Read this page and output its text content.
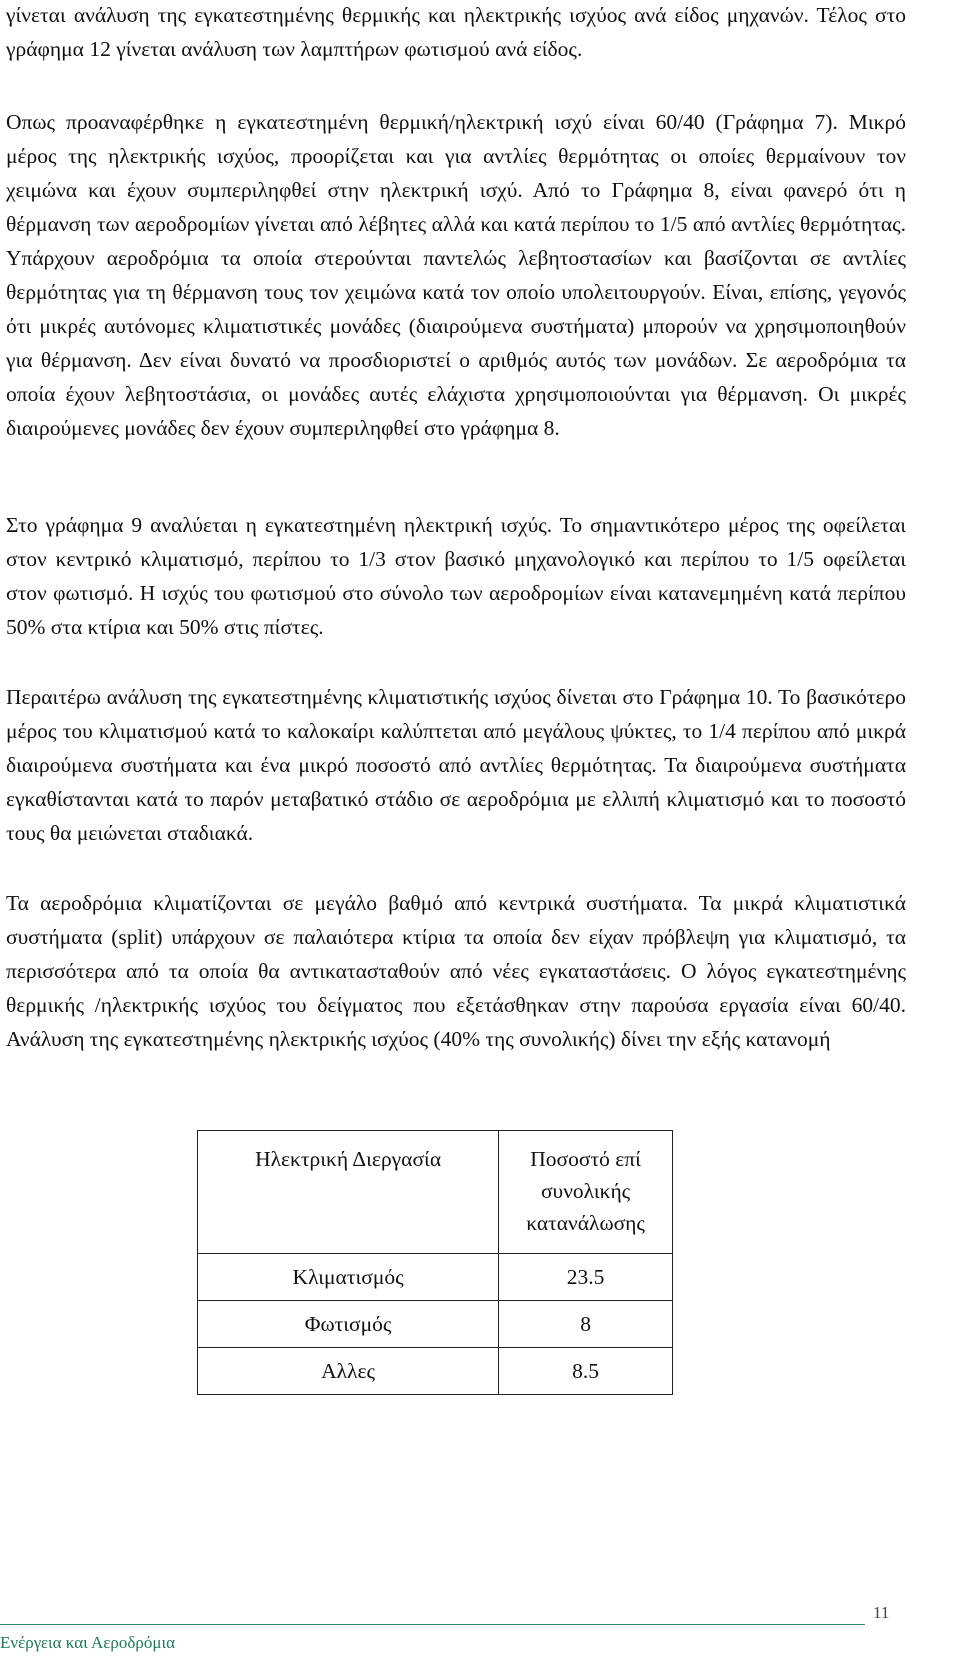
γίνεται ανάλυση της εγκατεστημένης θερμικής και ηλεκτρικής ισχύος ανά είδος μηχανών. Τέλος στο γράφημα 12 γίνεται ανάλυση των λαμπτήρων φωτισμού ανά είδος.

Οπως προαναφέρθηκε η εγκατεστημένη θερμική/ηλεκτρική ισχύ είναι 60/40 (Γράφημα 7). Μικρό μέρος της ηλεκτρικής ισχύος, προορίζεται και για αντλίες θερμότητας οι οποίες θερμαίνουν τον χειμώνα και έχουν συμπεριληφθεί στην ηλεκτρική ισχύ. Από το Γράφημα 8, είναι φανερό ότι η θέρμανση των αεροδρομίων γίνεται από λέβητες αλλά και κατά περίπου το 1/5 από αντλίες θερμότητας. Υπάρχουν αεροδρόμια τα οποία στερούνται παντελώς λεβητοστασίων και βασίζονται σε αντλίες θερμότητας για τη θέρμανση τους τον χειμώνα κατά τον οποίο υπολειτουργούν. Είναι, επίσης, γεγονός ότι μικρές αυτόνομες κλιματιστικές μονάδες (διαιρούμενα συστήματα) μπορούν να χρησιμοποιηθούν για θέρμανση. Δεν είναι δυνατό να προσδιοριστεί ο αριθμός αυτός των μονάδων. Σε αεροδρόμια τα οποία έχουν λεβητοστάσια, οι μονάδες αυτές ελάχιστα χρησιμοποιούνται για θέρμανση. Οι μικρές διαιρούμενες μονάδες δεν έχουν συμπεριληφθεί στο γράφημα 8.

Στο γράφημα 9 αναλύεται η εγκατεστημένη ηλεκτρική ισχύς. Το σημαντικότερο μέρος της οφείλεται στον κεντρικό κλιματισμό, περίπου το 1/3 στον βασικό μηχανολογικό και περίπου το 1/5 οφείλεται στον φωτισμό. Η ισχύς του φωτισμού στο σύνολο των αεροδρομίων είναι κατανεμημένη κατά περίπου 50% στα κτίρια και 50% στις πίστες.

Περαιτέρω ανάλυση της εγκατεστημένης κλιματιστικής ισχύος δίνεται στο Γράφημα 10. Το βασικότερο μέρος του κλιματισμού κατά το καλοκαίρι καλύπτεται από μεγάλους ψύκτες, το 1/4 περίπου από μικρά διαιρούμενα συστήματα και ένα μικρό ποσοστό από αντλίες θερμότητας. Τα διαιρούμενα συστήματα εγκαθίστανται κατά το παρόν μεταβατικό στάδιο σε αεροδρόμια με ελλιπή κλιματισμό και το ποσοστό τους θα μειώνεται σταδιακά.

Τα αεροδρόμια κλιματίζονται σε μεγάλο βαθμό από κεντρικά συστήματα. Τα μικρά κλιματιστικά συστήματα (split) υπάρχουν σε παλαιότερα κτίρια τα οποία δεν είχαν πρόβλεψη για κλιματισμό, τα περισσότερα από τα οποία θα αντικατασταθούν από νέες εγκαταστάσεις. Ο λόγος εγκατεστημένης θερμικής /ηλεκτρικής ισχύος του δείγματος που εξετάσθηκαν στην παρούσα εργασία είναι 60/40. Ανάλυση της εγκατεστημένης ηλεκτρικής ισχύος (40% της συνολικής) δίνει την εξής κατανομή

Ηλεκτρική Διεργασία	Ποσοστό επί συνολικής κατανάλωσης
Κλιματισμός	23.5
Φωτισμός	8
Αλλες	8.5
Ενέργεια και Αεροδρόμια
11
